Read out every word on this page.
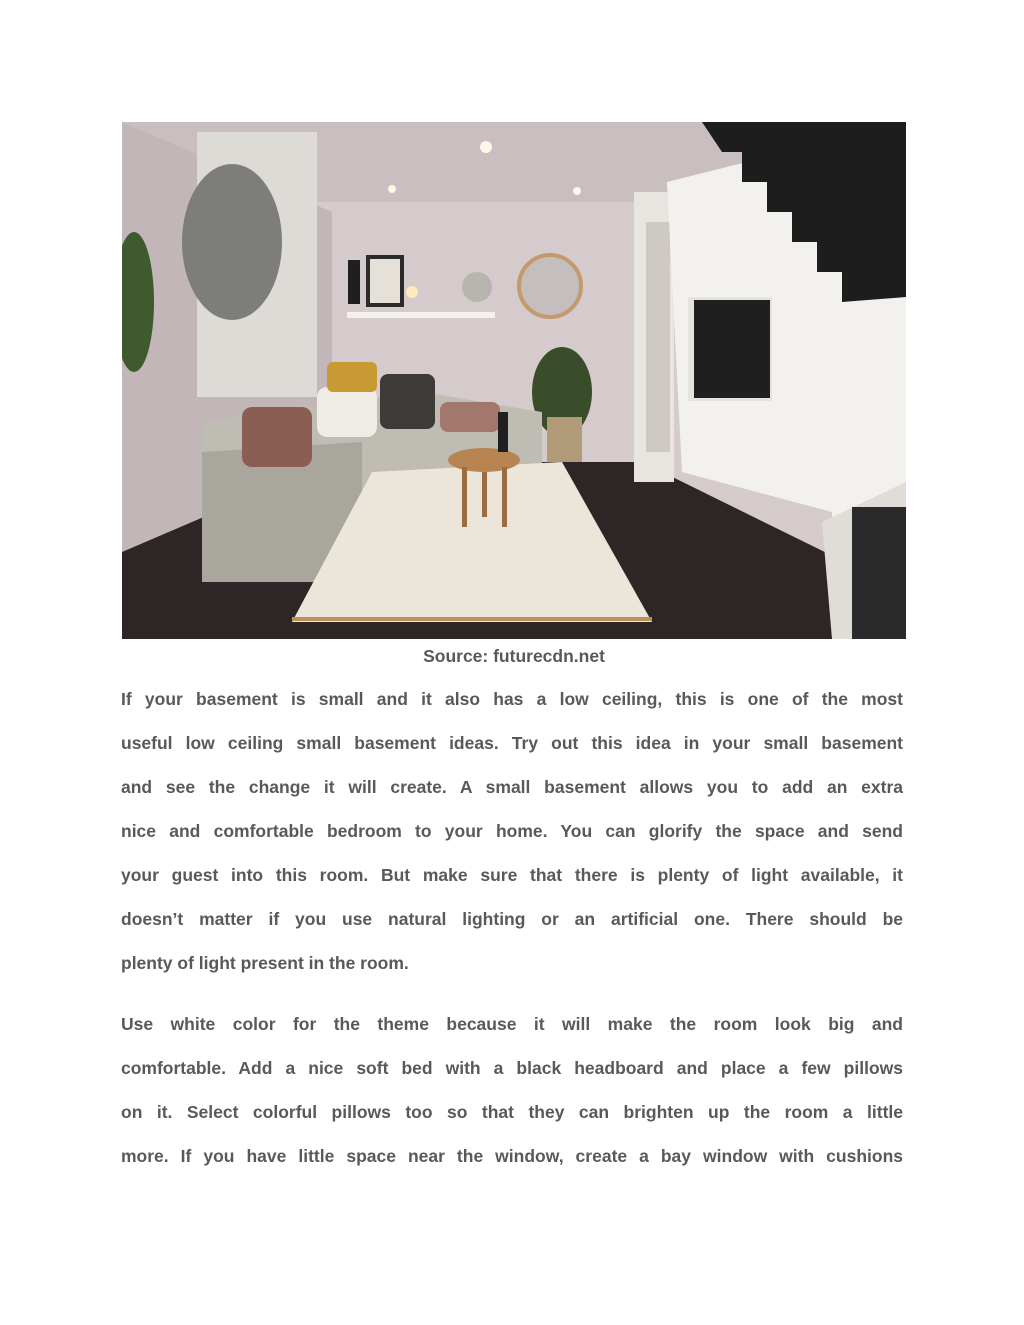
Source: futurecdn.net
If your basement is small and it also has a low ceiling, this is one of the most
useful low ceiling small basement ideas. Try out this idea in your small basement
and see the change it will create. A small basement allows you to add an extra
nice and comfortable bedroom to your home. You can glorify the space and send
your guest into this room. But make sure that there is plenty of light available, it
doesn’t matter if you use natural lighting or an artificial one. There should be
plenty of light present in the room.
Use white color for the theme because it will make the room look big and
comfortable. Add a nice soft bed with a black headboard and place a few pillows
on it. Select colorful pillows too so that they can brighten up the room a little
more. If you have little space near the window, create a bay window with cushions
